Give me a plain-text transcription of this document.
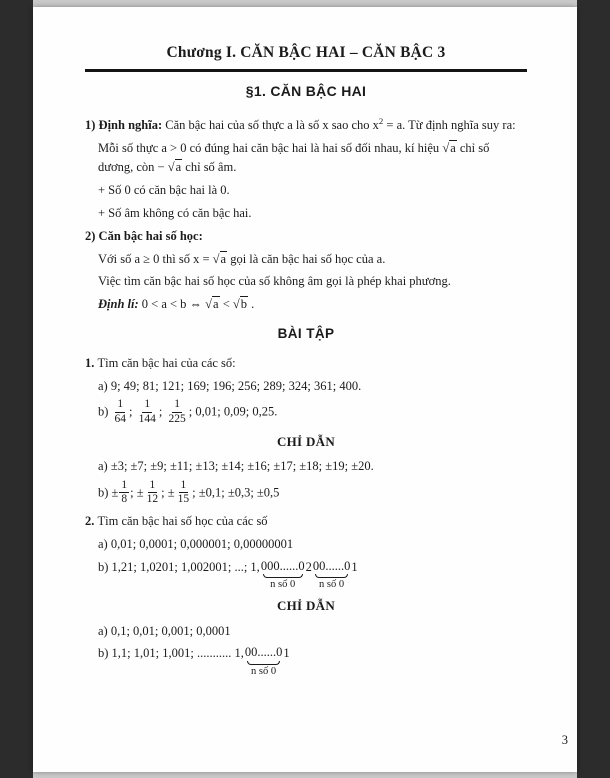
Chương I. CĂN BẬC HAI – CĂN BẬC 3
§1. CĂN BẬC HAI

1) Định nghĩa: Căn bậc hai của số thực a là số x sao cho $x^2 = a$. Từ định nghĩa suy ra:

Mỗi số thực a > 0 có đúng hai căn bậc hai là hai số đối nhau, kí hiệu √a chỉ số dương, còn − √a chỉ số âm.

+ Số 0 có căn bậc hai là 0.

+ Số âm không có căn bậc hai.

2) Căn bậc hai số học:

Với số a ≥ 0 thì số x = √a gọi là căn bậc hai số học của a.

Việc tìm căn bậc hai số học của số không âm gọi là phép khai phương.

Định lí: 0 < a < b ⇔ √a < √b .

BÀI TẬP

1. Tìm căn bậc hai của các số:

a) 9; 49; 81; 121; 169; 196; 256; 289; 324; 361; 400.

$b) \frac{1}{64}$ ; $\frac{1}{144}$ ; $\frac{1}{225}$ ; 0,01; 0,09; 0,25.

CHỈ DẪN

a) ±3; ±7; ±9; ±11; ±13; ±14; ±16; ±17; ±18; ±19; ±20.

$b) \pm \frac{1}{8}$ ; ± $\frac{1}{12}$ ; ± $\frac{1}{15}$ ; ±0,1; ±0,3; ±0,5

2. Tìm căn bậc hai số học của các số

a) 0,01; 0,0001; 0,000001; 0,00000001

b) 1,21; 1,0201; 1,002001; ...; 1, 000......0
n số 0
2 00......0
n số 0
1

CHỈ DẪN

a) 0,1; 0,01; 0,001; 0,0001

b) 1,1; 1,01; 1,001; ........... 1, 00......0
n số 0
1

3
